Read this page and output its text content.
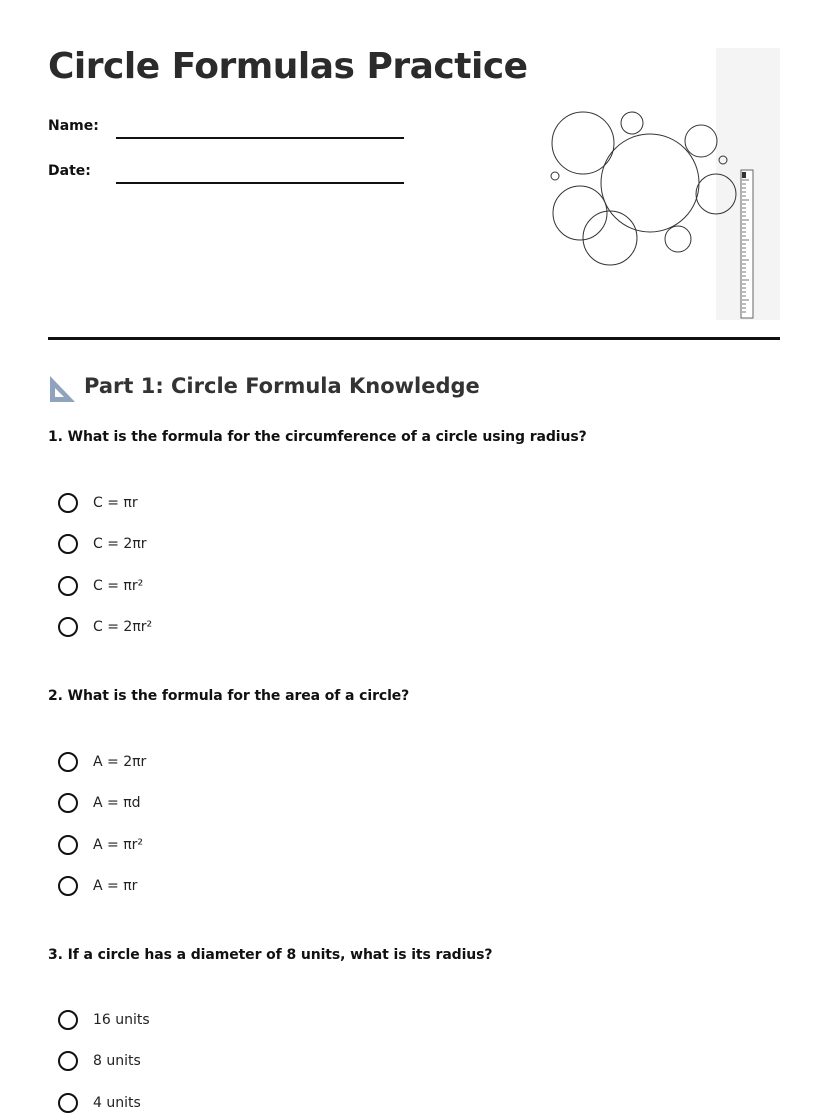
Circle Formulas Practice
Name:
Date:
Part 1: Circle Formula Knowledge
1. What is the formula for the circumference of a circle using radius?
C = πr
C = 2πr
C = πr²
C = 2πr²
2. What is the formula for the area of a circle?
A = 2πr
A = πd
A = πr²
A = πr
3. If a circle has a diameter of 8 units, what is its radius?
16 units
8 units
4 units
